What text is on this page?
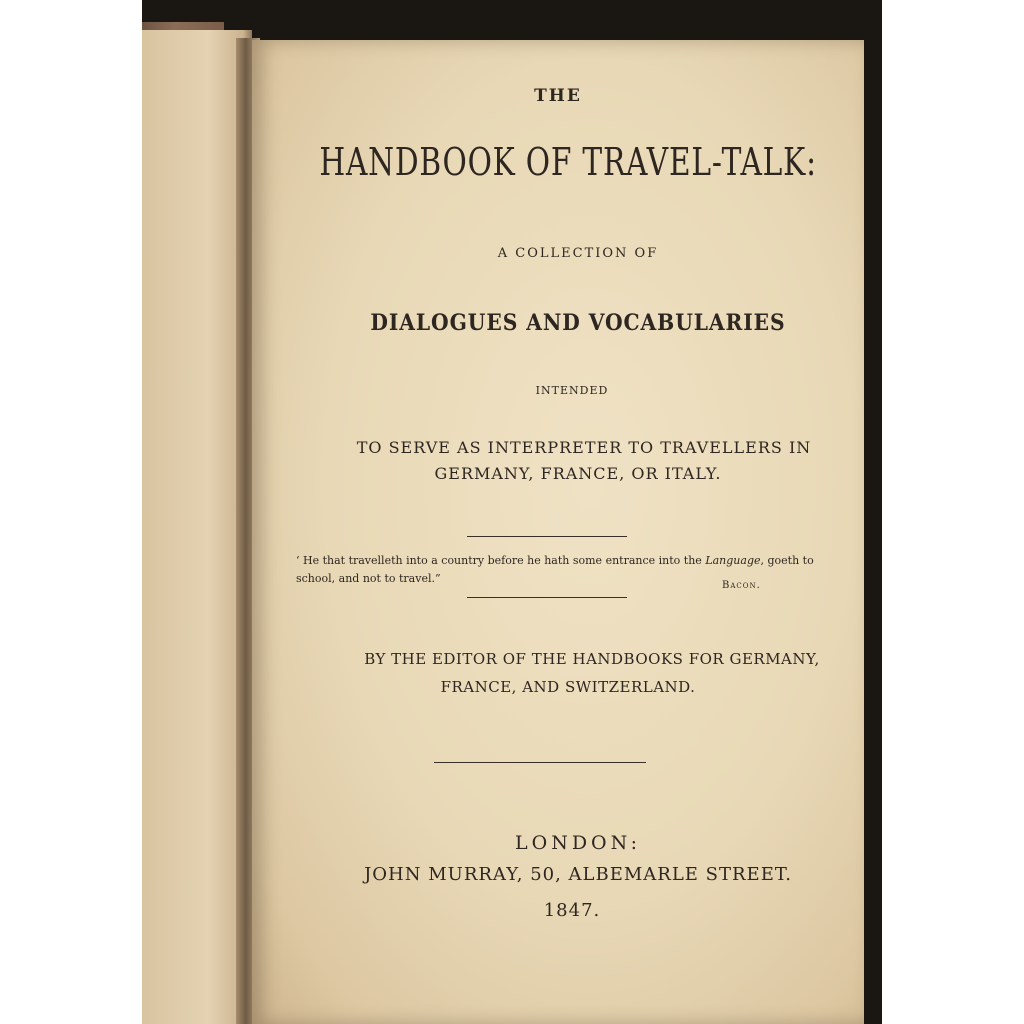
THE
HANDBOOK OF TRAVEL-TALK:
A COLLECTION OF
DIALOGUES AND VOCABULARIES
INTENDED
TO SERVE AS INTERPRETER TO TRAVELLERS IN
GERMANY, FRANCE, OR ITALY.
‘ He that travelleth into a country before he hath some entrance into the Language, goeth to school, and not to travel.”
Bacon.
BY THE EDITOR OF THE HANDBOOKS FOR GERMANY,
FRANCE, AND SWITZERLAND.
LONDON:
JOHN MURRAY, 50, ALBEMARLE STREET.
1847.
